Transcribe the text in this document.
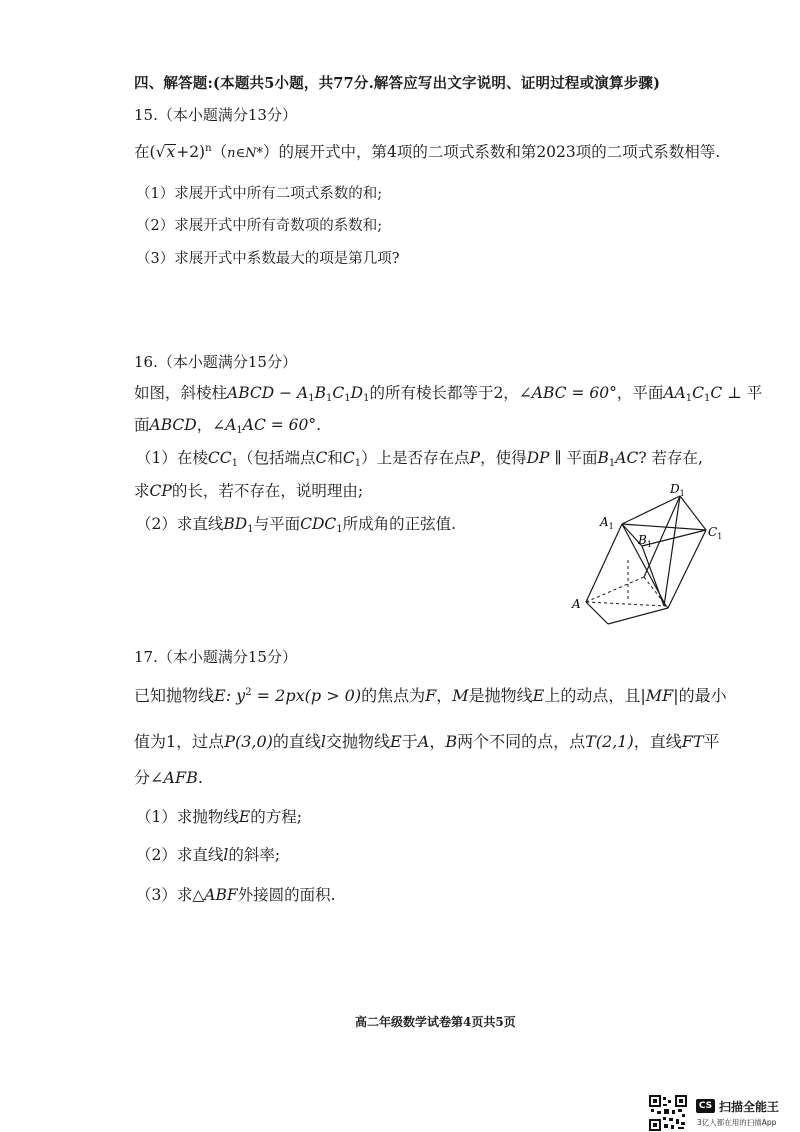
四、解答题:(本题共5小题，共77分.解答应写出文字说明、证明过程或演算步骤)
15.（本小题满分13分）
在$(√x+2)^n(n\in N*)$的展开式中，第4项的二项式系数和第2023项的二项式系数相等.
（1）求展开式中所有二项式系数的和;
（2）求展开式中所有奇数项的系数和;
（3）求展开式中系数最大的项是第几项?
16.（本小题满分15分）
如图，斜棱柱ABCD − $A_1B_1C_1D_1$的所有棱长都等于2，∠ABC = 60°，平面$AA_1C_1C$ ⊥ 平
面ABCD，$\angle A_1AC = 60^\circ$.
（1）在棱$CC_1$（包括端点C和$C_1$）上是否存在点P，使得DP ∥ 平面$B_1AC$? 若存在,
求CP的长，若不存在，说明理由;
（2）求直线$BD_1$与平面$CDC_1$所成角的正弦值.
$D_1$
$A_1$
$B_1$
$C_1$
A
17.（本小题满分15分）
已知抛物线E: $y^2 = 2px(p > 0)$的焦点为F，M是抛物线E上的动点，且|MF|的最小
值为1，过点P(3,0)的直线l交抛物线E于A，B两个不同的点，点T(2,1)，直线FT平
分∠AFB.
（1）求抛物线E的方程;
（2）求直线l的斜率;
（3）求△ABF外接圆的面积.
高二年级数学试卷第4页共5页
CS 扫描全能王
3亿人都在用的扫描App
